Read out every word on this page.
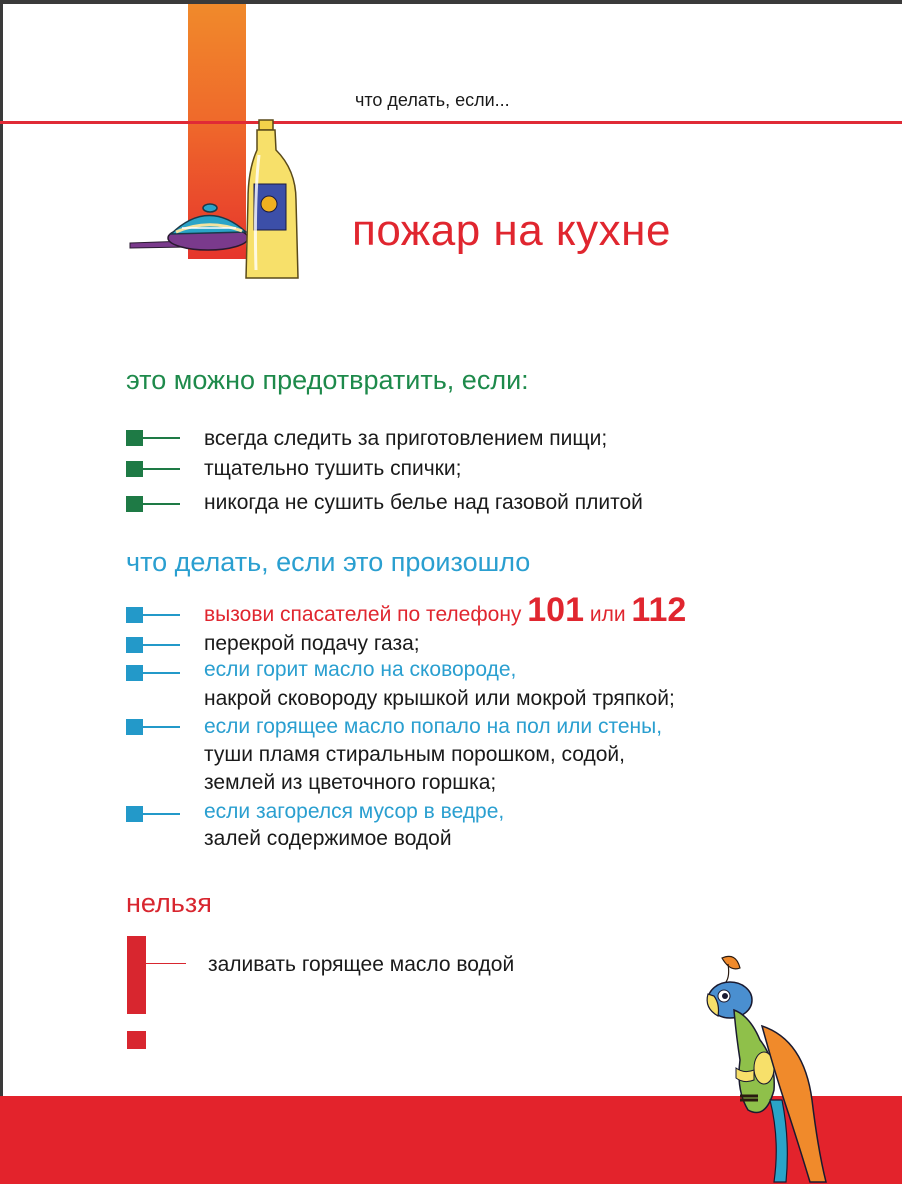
что делать, если...
пожар на кухне
это можно предотвратить, если:
всегда следить за приготовлением пищи;
тщательно тушить спички;
никогда не сушить белье над газовой плитой
что делать, если это произошло
вызови спасателей по телефону 101 или 112
перекрой подачу газа;
если горит масло на сковороде,
накрой сковороду крышкой или мокрой тряпкой;
если горящее масло попало на пол или стены,
туши пламя стиральным порошком, содой,
землей из цветочного горшка;
если загорелся мусор в ведре,
залей содержимое водой
нельзя
заливать горящее масло водой
